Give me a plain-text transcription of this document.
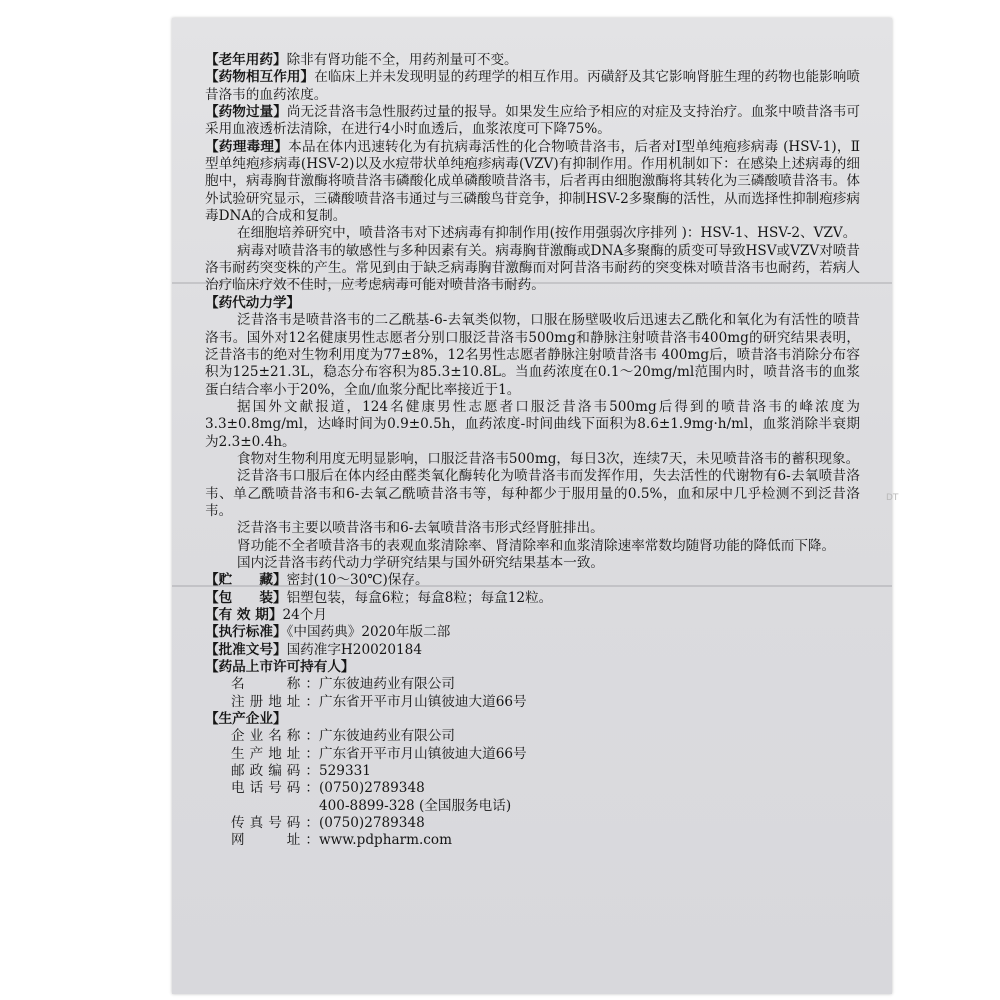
DT

【老年用药】除非有肾功能不全，用药剂量可不变。

【药物相互作用】在临床上并未发现明显的药理学的相互作用。丙磺舒及其它影响肾脏生理的药物也能影响喷昔洛韦的血药浓度。

【药物过量】尚无泛昔洛韦急性服药过量的报导。如果发生应给予相应的对症及支持治疗。血浆中喷昔洛韦可采用血液透析法清除，在进行4小时血透后，血浆浓度可下降75%。

【药理毒理】本品在体内迅速转化为有抗病毒活性的化合物喷昔洛韦，后者对Ⅰ型单纯疱疹病毒 (HSV-1)，Ⅱ型单纯疱疹病毒(HSV-2)以及水痘带状单纯疱疹病毒(VZV)有抑制作用。作用机制如下：在感染上述病毒的细胞中，病毒胸苷激酶将喷昔洛韦磷酸化成单磷酸喷昔洛韦，后者再由细胞激酶将其转化为三磷酸喷昔洛韦。体外试验研究显示，三磷酸喷昔洛韦通过与三磷酸鸟苷竞争，抑制HSV-2多聚酶的活性，从而选择性抑制疱疹病毒DNA的合成和复制。

在细胞培养研究中，喷昔洛韦对下述病毒有抑制作用(按作用强弱次序排列 )：HSV-1、HSV-2、VZV。

病毒对喷昔洛韦的敏感性与多种因素有关。病毒胸苷激酶或DNA多聚酶的质变可导致HSV或VZV对喷昔洛韦耐药突变株的产生。常见到由于缺乏病毒胸苷激酶而对阿昔洛韦耐药的突变株对喷昔洛韦也耐药，若病人治疗临床疗效不佳时，应考虑病毒可能对喷昔洛韦耐药。

【药代动力学】

泛昔洛韦是喷昔洛韦的二乙酰基-6-去氧类似物，口服在肠壁吸收后迅速去乙酰化和氧化为有活性的喷昔洛韦。国外对12名健康男性志愿者分别口服泛昔洛韦500mg和静脉注射喷昔洛韦400mg的研究结果表明，泛昔洛韦的绝对生物利用度为77±8%，12名男性志愿者静脉注射喷昔洛韦 400mg后，喷昔洛韦消除分布容积为125±21.3L，稳态分布容积为85.3±10.8L。当血药浓度在0.1～20mg/ml范围内时，喷昔洛韦的血浆蛋白结合率小于20%，全血/血浆分配比率接近于1。

据国外文献报道，124名健康男性志愿者口服泛昔洛韦500mg后得到的喷昔洛韦的峰浓度为3.3±0.8mg/ml，达峰时间为0.9±0.5h，血药浓度-时间曲线下面积为8.6±1.9mg·h/ml，血浆消除半衰期为2.3±0.4h。

食物对生物利用度无明显影响，口服泛昔洛韦500mg，每日3次，连续7天，未见喷昔洛韦的蓄积现象。

泛昔洛韦口服后在体内经由醛类氧化酶转化为喷昔洛韦而发挥作用，失去活性的代谢物有6-去氧喷昔洛韦、单乙酰喷昔洛韦和6-去氧乙酰喷昔洛韦等，每种都少于服用量的0.5%，血和尿中几乎检测不到泛昔洛韦。

泛昔洛韦主要以喷昔洛韦和6-去氧喷昔洛韦形式经肾脏排出。

肾功能不全者喷昔洛韦的表观血浆清除率、肾清除率和血浆清除速率常数均随肾功能的降低而下降。

国内泛昔洛韦药代动力学研究结果与国外研究结果基本一致。

【贮　　藏】密封(10～30℃)保存。

【包　　装】铝塑包装，每盒6粒；每盒8粒；每盒12粒。

【有 效 期】24个月

【执行标准】《中国药典》2020年版二部

【批准文号】国药准字H20020184

【药品上市许可持有人】

名　　称： 广东彼迪药业有限公司
注册地址： 广东省开平市月山镇彼迪大道66号

【生产企业】

企业名称： 广东彼迪药业有限公司
生产地址： 广东省开平市月山镇彼迪大道66号
邮政编码： 529331
电话号码： (0750)2789348
400-8899-328 (全国服务电话)
传真号码： (0750)2789348
网　　址： www.pdpharm.com
